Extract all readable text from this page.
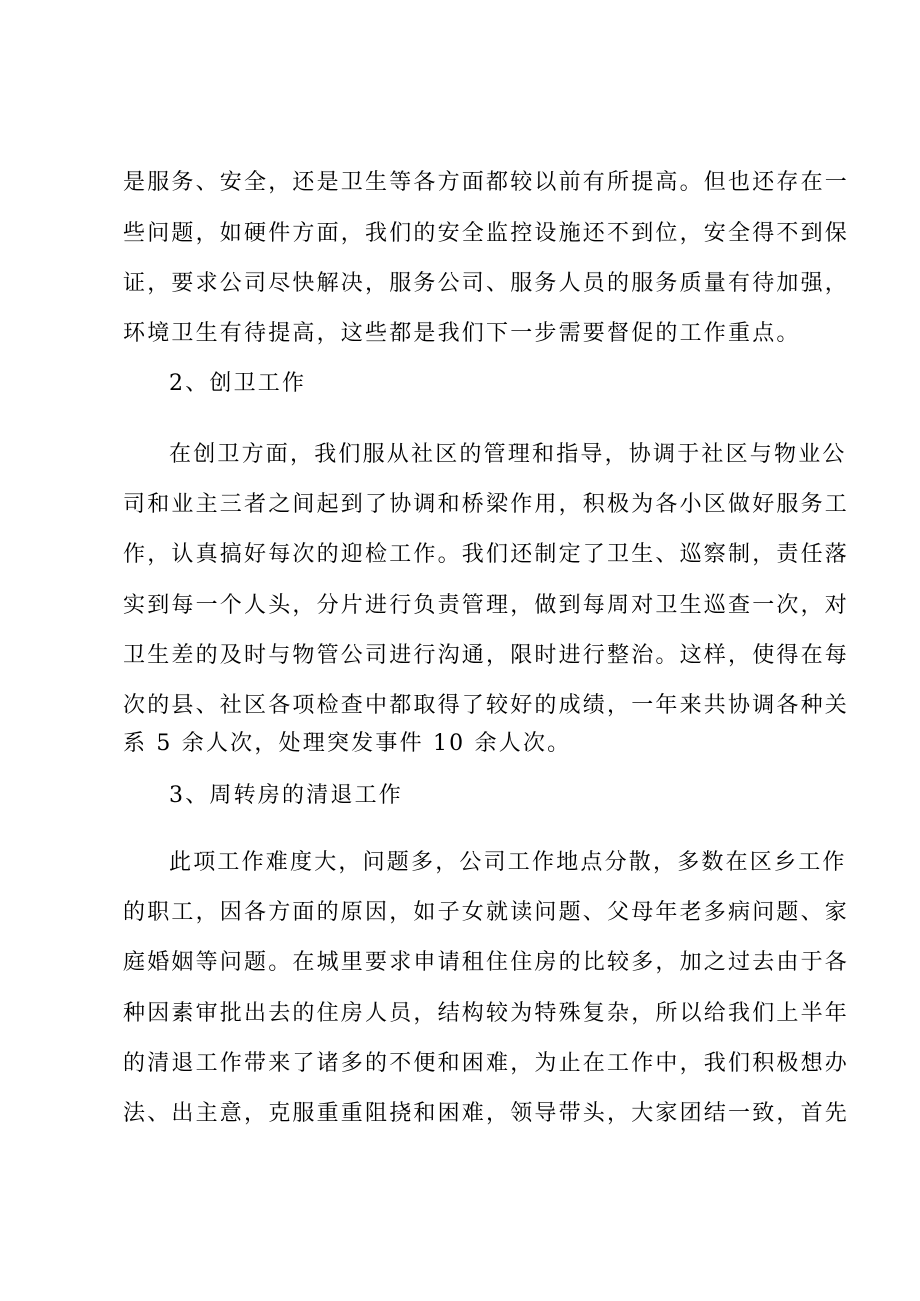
是服务、安全，还是卫生等各方面都较以前有所提高。但也还存在一
些问题，如硬件方面，我们的安全监控设施还不到位，安全得不到保
证，要求公司尽快解决，服务公司、服务人员的服务质量有待加强，
环境卫生有待提高，这些都是我们下一步需要督促的工作重点。
2、创卫工作
在创卫方面，我们服从社区的管理和指导，协调于社区与物业公
司和业主三者之间起到了协调和桥梁作用，积极为各小区做好服务工
作，认真搞好每次的迎检工作。我们还制定了卫生、巡察制，责任落
实到每一个人头，分片进行负责管理，做到每周对卫生巡查一次，对
卫生差的及时与物管公司进行沟通，限时进行整治。这样，使得在每
次的县、社区各项检查中都取得了较好的成绩，一年来共协调各种关
系 5 余人次，处理突发事件 10 余人次。
3、周转房的清退工作
此项工作难度大，问题多，公司工作地点分散，多数在区乡工作
的职工，因各方面的原因，如子女就读问题、父母年老多病问题、家
庭婚姻等问题。在城里要求申请租住住房的比较多，加之过去由于各
种因素审批出去的住房人员，结构较为特殊复杂，所以给我们上半年
的清退工作带来了诸多的不便和困难，为止在工作中，我们积极想办
法、出主意，克服重重阻挠和困难，领导带头，大家团结一致，首先
